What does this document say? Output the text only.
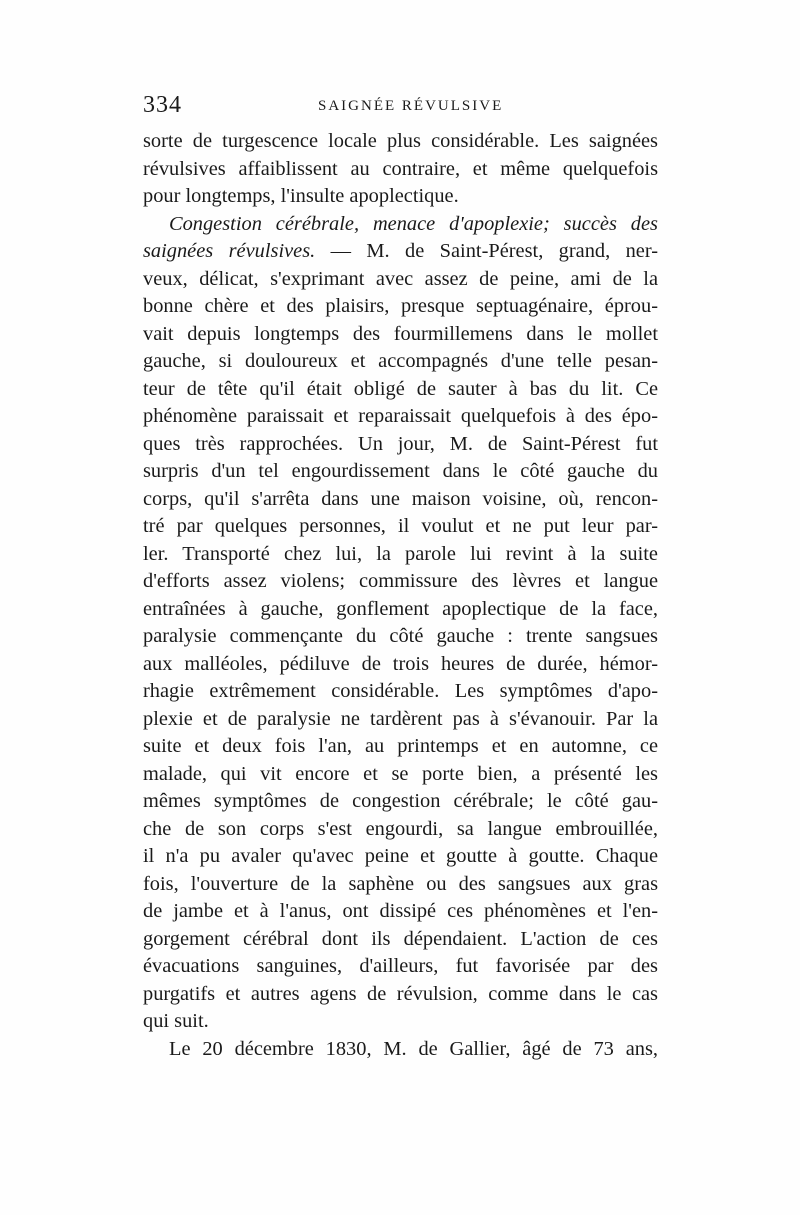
334	SAIGNÉE RÉVULSIVE
sorte de turgescence locale plus considérable. Les saignées
révulsives affaiblissent au contraire, et même quelquefois
pour longtemps, l'insulte apoplectique.
Congestion cérébrale, menace d'apoplexie; succès des
saignées révulsives. — M. de Saint-Pérest, grand, ner-
veux, délicat, s'exprimant avec assez de peine, ami de la
bonne chère et des plaisirs, presque septuagénaire, éprou-
vait depuis longtemps des fourmillemens dans le mollet
gauche, si douloureux et accompagnés d'une telle pesan-
teur de tête qu'il était obligé de sauter à bas du lit. Ce
phénomène paraissait et reparaissait quelquefois à des épo-
ques très rapprochées. Un jour, M. de Saint-Pérest fut
surpris d'un tel engourdissement dans le côté gauche du
corps, qu'il s'arrêta dans une maison voisine, où, rencon-
tré par quelques personnes, il voulut et ne put leur par-
ler. Transporté chez lui, la parole lui revint à la suite
d'efforts assez violens; commissure des lèvres et langue
entraînées à gauche, gonflement apoplectique de la face,
paralysie commençante du côté gauche : trente sangsues
aux malléoles, pédiluve de trois heures de durée, hémor-
rhagie extrêmement considérable. Les symptômes d'apo-
plexie et de paralysie ne tardèrent pas à s'évanouir. Par la
suite et deux fois l'an, au printemps et en automne, ce
malade, qui vit encore et se porte bien, a présenté les
mêmes symptômes de congestion cérébrale; le côté gau-
che de son corps s'est engourdi, sa langue embrouillée,
il n'a pu avaler qu'avec peine et goutte à goutte. Chaque
fois, l'ouverture de la saphène ou des sangsues aux gras
de jambe et à l'anus, ont dissipé ces phénomènes et l'en-
gorgement cérébral dont ils dépendaient. L'action de ces
évacuations sanguines, d'ailleurs, fut favorisée par des
purgatifs et autres agens de révulsion, comme dans le cas
qui suit.
Le 20 décembre 1830, M. de Gallier, âgé de 73 ans,
